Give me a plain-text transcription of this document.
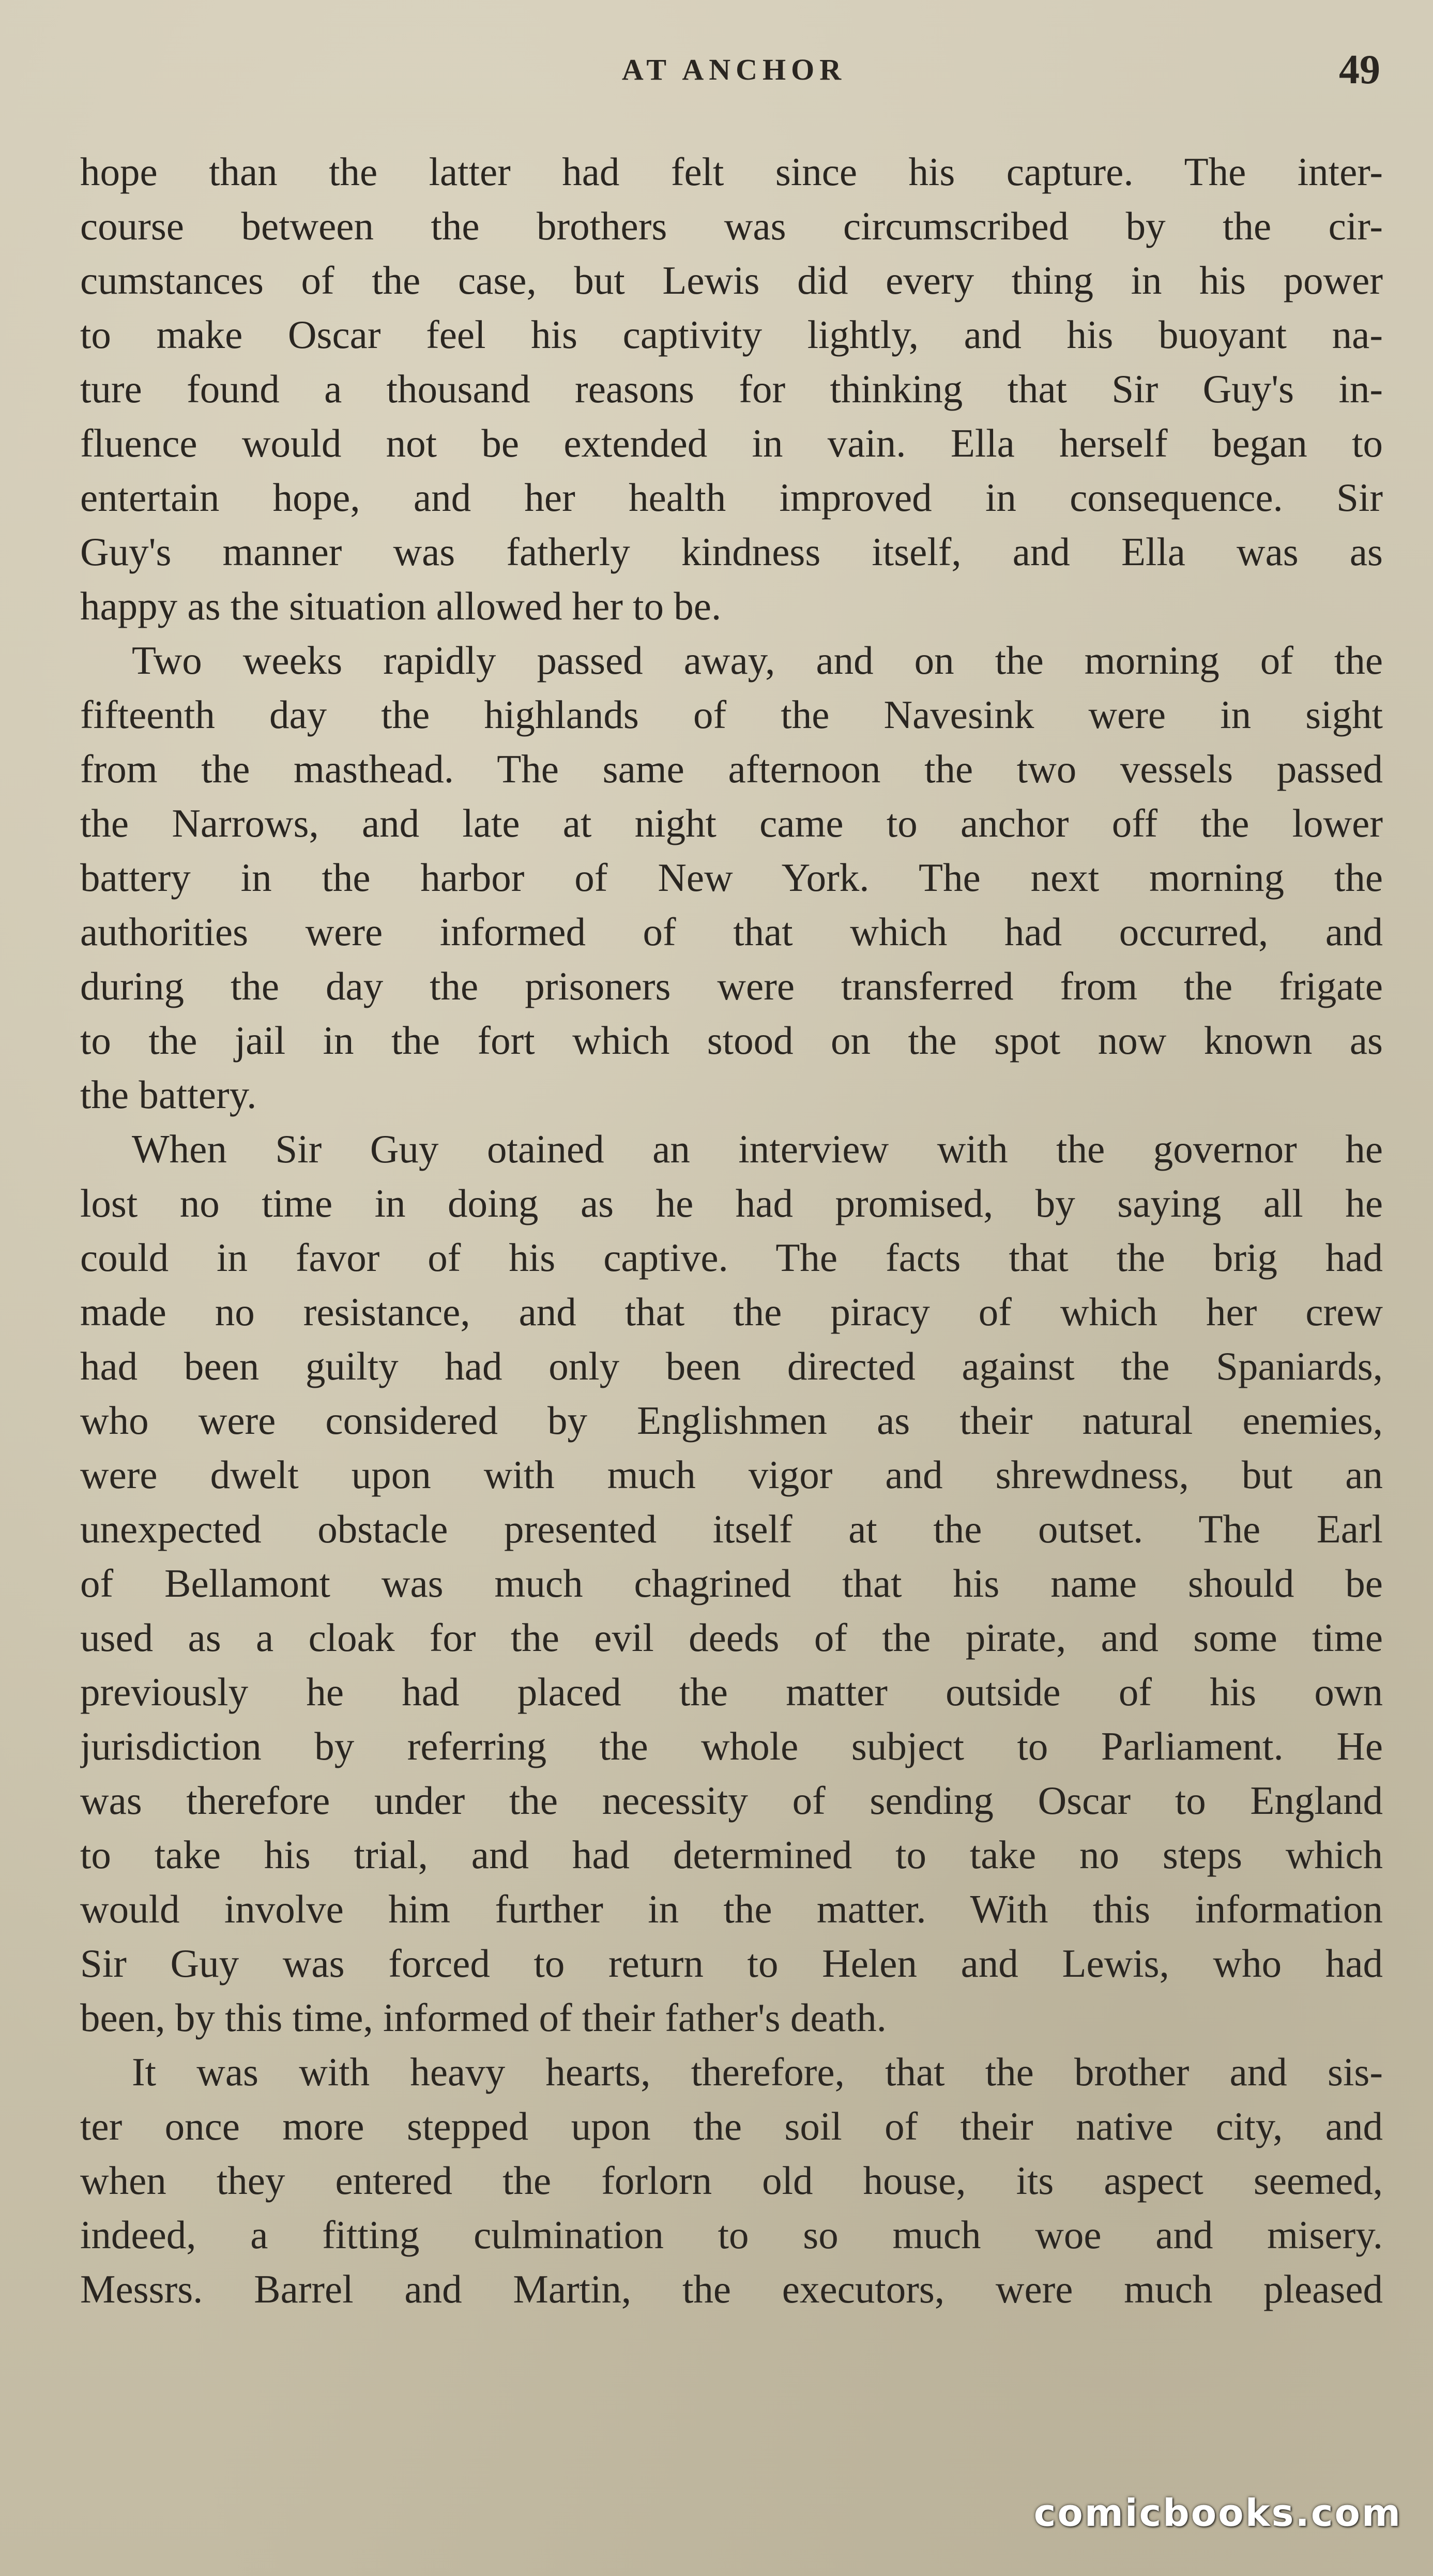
AT ANCHOR	49
hope than the latter had felt since his capture. The inter-
course between the brothers was circumscribed by the cir-
cumstances of the case, but Lewis did every thing in his power
to make Oscar feel his captivity lightly, and his buoyant na-
ture found a thousand reasons for thinking that Sir Guy's in-
fluence would not be extended in vain. Ella herself began to
entertain hope, and her health improved in consequence. Sir
Guy's manner was fatherly kindness itself, and Ella was as
happy as the situation allowed her to be.
Two weeks rapidly passed away, and on the morning of the
fifteenth day the highlands of the Navesink were in sight
from the masthead. The same afternoon the two vessels passed
the Narrows, and late at night came to anchor off the lower
battery in the harbor of New York. The next morning the
authorities were informed of that which had occurred, and
during the day the prisoners were transferred from the frigate
to the jail in the fort which stood on the spot now known as
the battery.
When Sir Guy otained an interview with the governor he
lost no time in doing as he had promised, by saying all he
could in favor of his captive. The facts that the brig had
made no resistance, and that the piracy of which her crew
had been guilty had only been directed against the Spaniards,
who were considered by Englishmen as their natural enemies,
were dwelt upon with much vigor and shrewdness, but an
unexpected obstacle presented itself at the outset. The Earl
of Bellamont was much chagrined that his name should be
used as a cloak for the evil deeds of the pirate, and some time
previously he had placed the matter outside of his own
jurisdiction by referring the whole subject to Parliament. He
was therefore under the necessity of sending Oscar to England
to take his trial, and had determined to take no steps which
would involve him further in the matter. With this information
Sir Guy was forced to return to Helen and Lewis, who had
been, by this time, informed of their father's death.
It was with heavy hearts, therefore, that the brother and sis-
ter once more stepped upon the soil of their native city, and
when they entered the forlorn old house, its aspect seemed,
indeed, a fitting culmination to so much woe and misery.
Messrs. Barrel and Martin, the executors, were much pleased
comicbooks.com
